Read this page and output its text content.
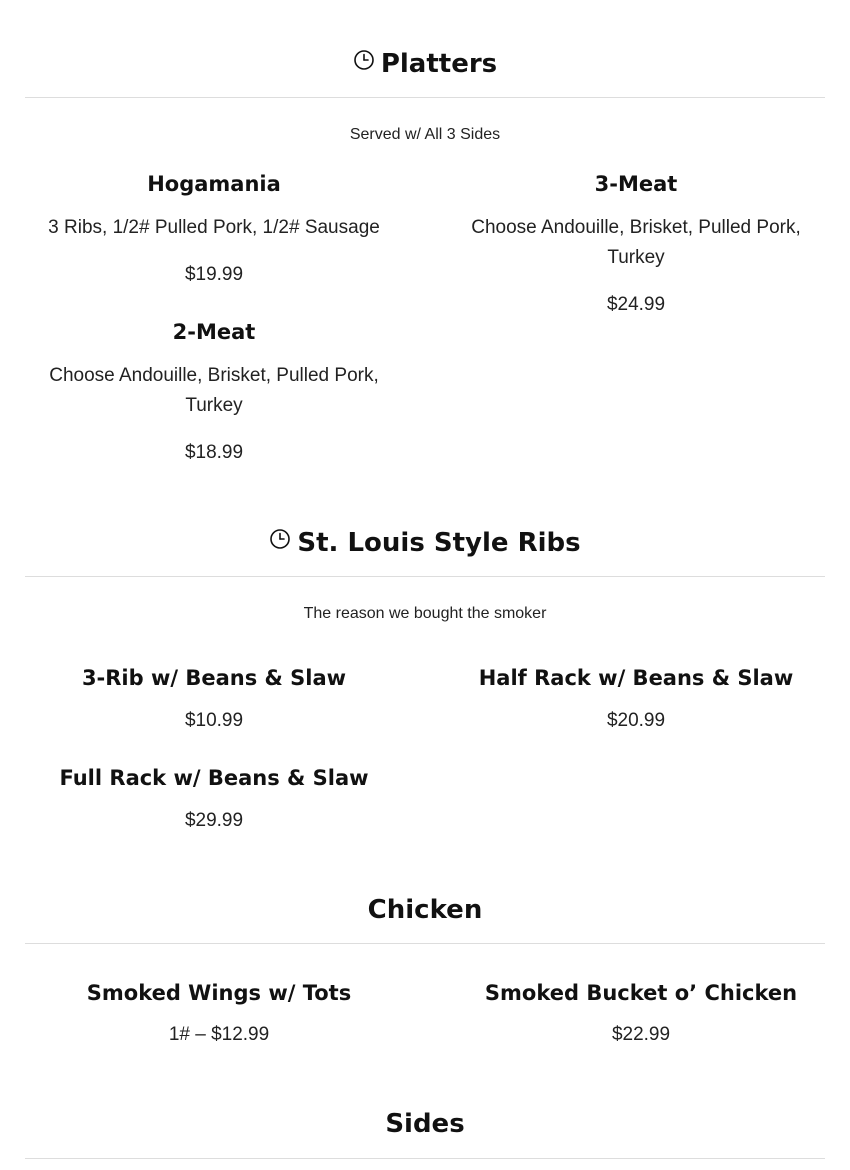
Platters
Served w/ All 3 Sides
Hogamania
3 Ribs, 1/2# Pulled Pork, 1/2# Sausage
$19.99
3-Meat
Choose Andouille, Brisket, Pulled Pork, Turkey
$24.99
2-Meat
Choose Andouille, Brisket, Pulled Pork, Turkey
$18.99
St. Louis Style Ribs
The reason we bought the smoker
3-Rib w/ Beans & Slaw
$10.99
Half Rack w/ Beans & Slaw
$20.99
Full Rack w/ Beans & Slaw
$29.99
Chicken
Smoked Wings w/ Tots
1# – $12.99
Smoked Bucket o’ Chicken
$22.99
Sides
